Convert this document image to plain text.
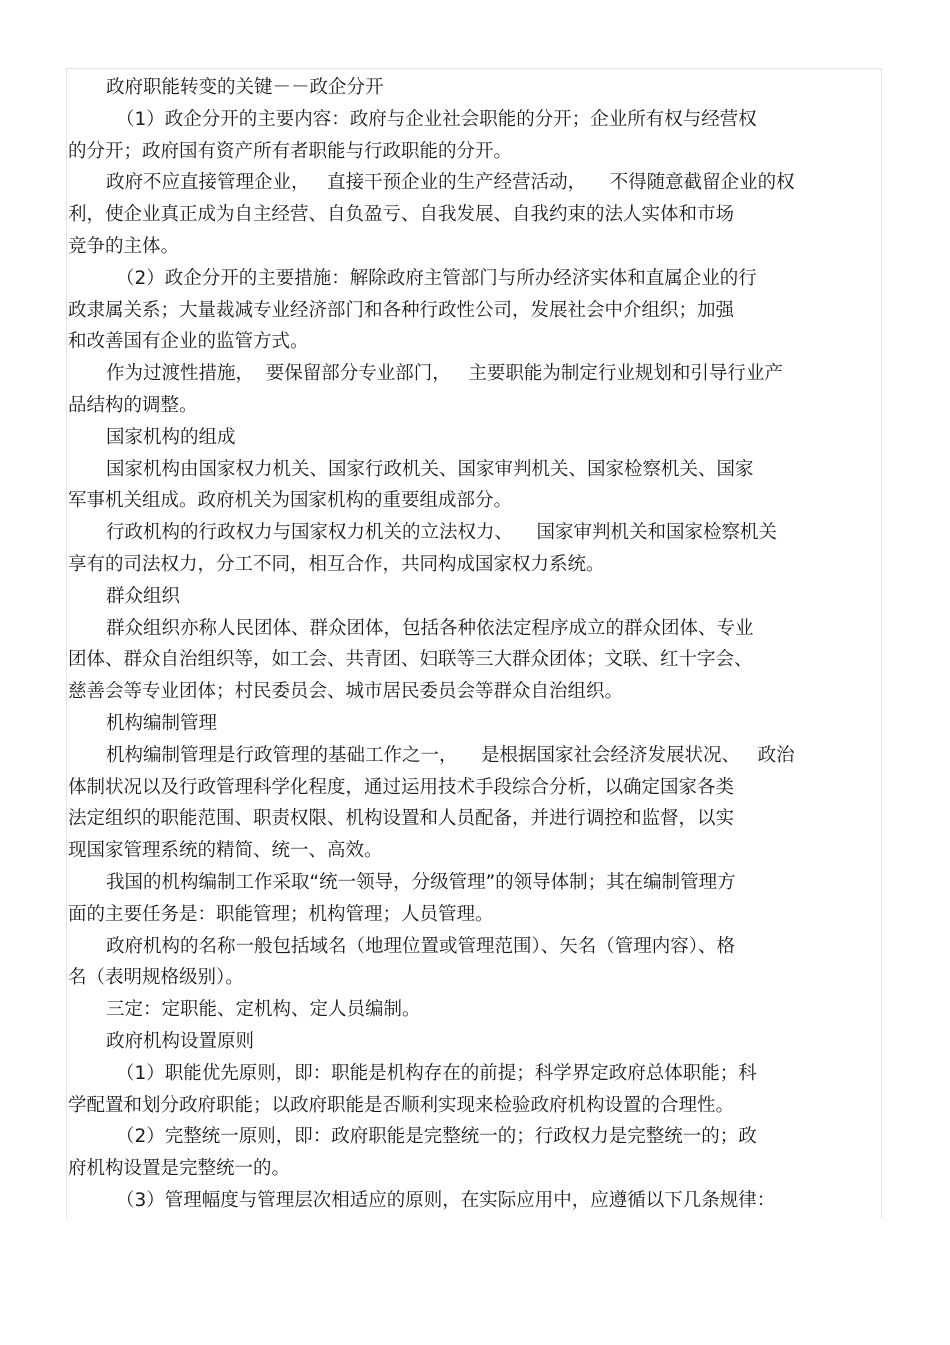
政府职能转变的关键－－政企分开
（1）政企分开的主要内容：政府与企业社会职能的分开；企业所有权与经营权
的分开；政府国有资产所有者职能与行政职能的分开。
政府不应直接管理企业，   直接干预企业的生产经营活动，    不得随意截留企业的权
利，使企业真正成为自主经营、自负盈亏、自我发展、自我约束的法人实体和市场
竞争的主体。
（2）政企分开的主要措施：解除政府主管部门与所办经济实体和直属企业的行
政隶属关系；大量裁减专业经济部门和各种行政性公司，发展社会中介组织；加强
和改善国有企业的监管方式。
作为过渡性措施，  要保留部分专业部门，   主要职能为制定行业规划和引导行业产
品结构的调整。
国家机构的组成
国家机构由国家权力机关、国家行政机关、国家审判机关、国家检察机关、国家
军事机关组成。政府机关为国家机构的重要组成部分。
行政机构的行政权力与国家权力机关的立法权力、    国家审判机关和国家检察机关
享有的司法权力，分工不同，相互合作，共同构成国家权力系统。
群众组织
群众组织亦称人民团体、群众团体，包括各种依法定程序成立的群众团体、专业
团体、群众自治组织等，如工会、共青团、妇联等三大群众团体；文联、红十字会、
慈善会等专业团体；村民委员会、城市居民委员会等群众自治组织。
机构编制管理
机构编制管理是行政管理的基础工作之一，    是根据国家社会经济发展状况、   政治
体制状况以及行政管理科学化程度，通过运用技术手段综合分析，以确定国家各类
法定组织的职能范围、职责权限、机构设置和人员配备，并进行调控和监督，以实
现国家管理系统的精简、统一、高效。
我国的机构编制工作采取“统一领导，分级管理”的领导体制；其在编制管理方
面的主要任务是：职能管理；机构管理；人员管理。
政府机构的名称一般包括域名（地理位置或管理范围）、矢名（管理内容）、格
名（表明规格级别）。
三定：定职能、定机构、定人员编制。
政府机构设置原则
（1）职能优先原则，即：职能是机构存在的前提；科学界定政府总体职能；科
学配置和划分政府职能；以政府职能是否顺利实现来检验政府机构设置的合理性。
（2）完整统一原则，即：政府职能是完整统一的；行政权力是完整统一的；政
府机构设置是完整统一的。
（3）管理幅度与管理层次相适应的原则，在实际应用中，应遵循以下几条规律：
